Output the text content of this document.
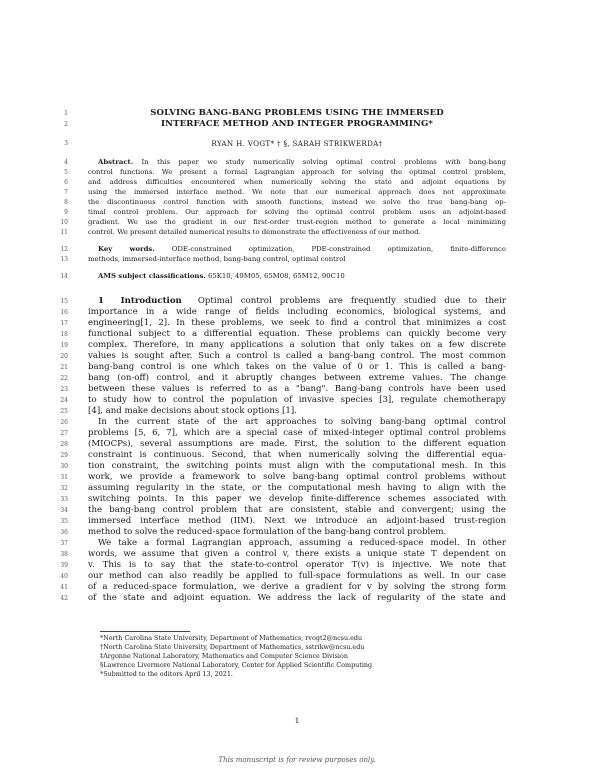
1
2
3
4
5
6
7
8
9
10
11
12
13
14
15
16
17
18
19
20
21
22
23
24
25
26
27
28
29
30
31
32
33
34
35
36
37
38
39
40
41
42
SOLVING BANG-BANG PROBLEMS USING THE IMMERSED
INTERFACE METHOD AND INTEGER PROGRAMMING*
RYAN H. VOGT* † §, SARAH STRIKWERDA†
Abstract. In this paper we study numerically solving optimal control problems with bang-bang
control functions. We present a formal Lagrangian approach for solving the optimal control problem,
and address difficulties encountered when numerically solving the state and adjoint equations by
using the immersed interface method. We note that our numerical approach does not approximate
the discontinuous control function with smooth functions, instead we solve the true bang-bang op-
timal control problem. Our approach for solving the optimal control problem uses an adjoint-based
gradient. We use the gradient in our first-order trust-region method to generate a local minimizing
control. We present detailed numerical results to demonstrate the effectiveness of our method.
Key words. ODE-constrained optimization, PDE-constrained optimization, finite-difference
methods, immersed-interface method, bang-bang control, optimal control
AMS subject classifications. 65K10, 49M05, 65M08, 65M12, 90C10
1 Introduction Optimal control problems are frequently studied due to their
importance in a wide range of fields including economics, biological systems, and
engineering[1, 2]. In these problems, we seek to find a control that minimizes a cost
functional subject to a differential equation. These problems can quickly become very
complex. Therefore, in many applications a solution that only takes on a few discrete
values is sought after. Such a control is called a bang-bang control. The most common
bang-bang control is one which takes on the value of 0 or 1. This is called a bang-
bang (on-off) control, and it abruptly changes between extreme values. The change
between these values is referred to as a "bang". Bang-bang controls have been used
to study how to control the population of invasive species [3], regulate chemotherapy
[4], and make decisions about stock options [1].
In the current state of the art approaches to solving bang-bang optimal control
problems [5, 6, 7], which are a special case of mixed-integer optimal control problems
(MIOCPs), several assumptions are made. First, the solution to the different equation
constraint is continuous. Second, that when numerically solving the differential equa-
tion constraint, the switching points must align with the computational mesh. In this
work, we provide a framework to solve bang-bang optimal control problems without
assuming regularity in the state, or the computational mesh having to align with the
switching points. In this paper we develop finite-difference schemes associated with
the bang-bang control problem that are consistent, stable and convergent; using the
immersed interface method (IIM). Next we introduce an adjoint-based trust-region
method to solve the reduced-space formulation of the bang-bang control problem.
We take a formal Lagrangian approach, assuming a reduced-space model. In other
words, we assume that given a control v, there exists a unique state T dependent on
v. This is to say that the state-to-control operator T(v) is injective. We note that
our method can also readily be applied to full-space formulations as well. In our case
of a reduced-space formulation, we derive a gradient for v by solving the strong form
of the state and adjoint equation. We address the lack of regularity of the state and
*North Carolina State University, Department of Mathematics, rvogt2@ncsu.edu
†North Carolina State University, Department of Mathematics, sstrikw@ncsu.edu
‡Argonne National Laboratory, Mathematics and Computer Science Division
§Lawrence Livermore National Laboratory, Center for Applied Scientific Computing
*Submitted to the editors April 13, 2021.
1
This manuscript is for review purposes only.
